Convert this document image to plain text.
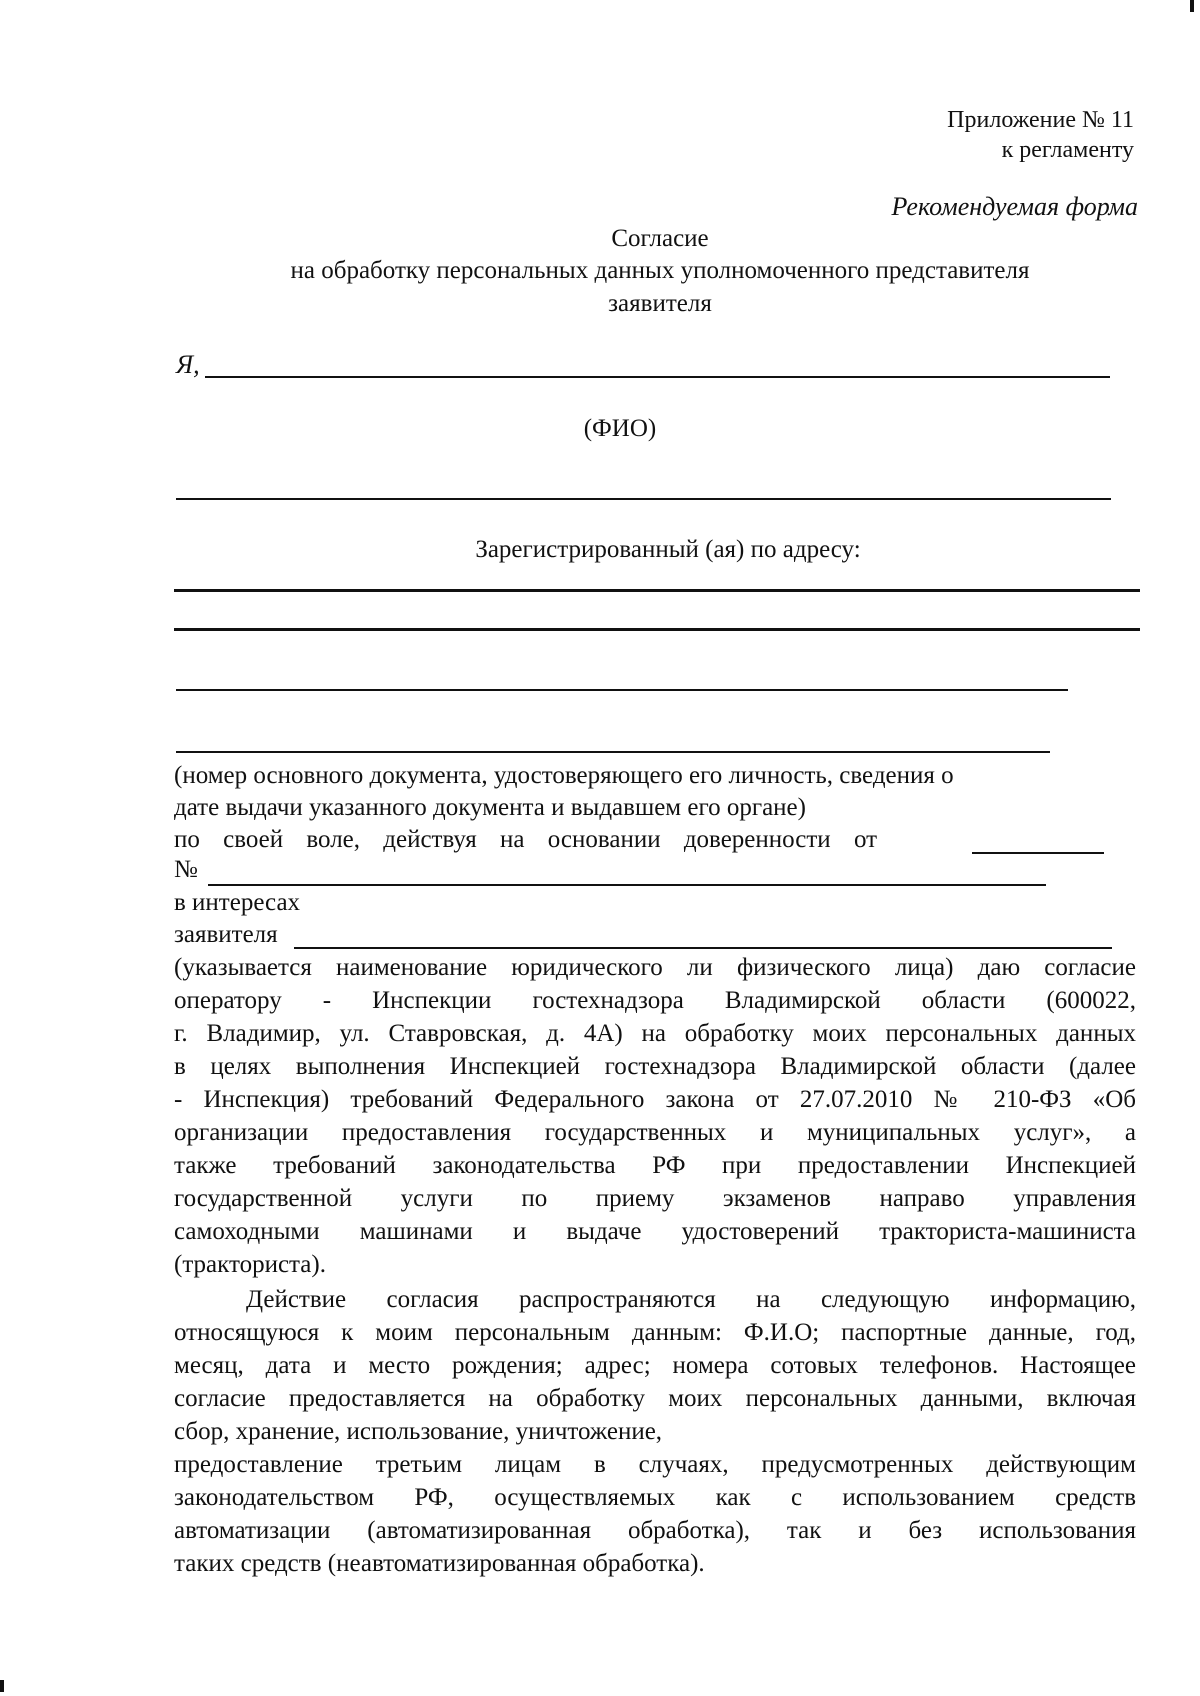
Приложение № 11
к регламенту
Рекомендуемая форма
Согласие
на обработку персональных данных уполномоченного представителя
заявителя
Я,
(ФИО)
Зарегистрированный (ая) по адресу:
(номер основного документа, удостоверяющего его личность, сведения о
дате выдачи указанного документа и выдавшем его органе)
по своей воле, действуя на основании доверенности от
№
в интересах
заявителя
(указывается наименование юридического ли физического лица) даю согласие
оператору - Инспекции гостехнадзора Владимирской области (600022,
г. Владимир, ул. Ставровская, д. 4А) на обработку моих персональных данных
в целях выполнения Инспекцией гостехнадзора Владимирской области (далее
- Инспекция) требований Федерального закона от 27.07.2010 № 210-ФЗ «Об
организации предоставления государственных и муниципальных услуг», а
также требований законодательства РФ при предоставлении Инспекцией
государственной услуги по приему экзаменов направо управления
самоходными машинами и выдаче удостоверений тракториста-машиниста
(тракториста).
Действие согласия распространяются на следующую информацию,
относящуюся к моим персональным данным: Ф.И.О; паспортные данные, год,
месяц, дата и место рождения; адрес; номера сотовых телефонов. Настоящее
согласие предоставляется на обработку моих персональных данными, включая
сбор, хранение, использование, уничтожение,
предоставление третьим лицам в случаях, предусмотренных действующим
законодательством РФ, осуществляемых как с использованием средств
автоматизации (автоматизированная обработка), так и без использования
таких средств (неавтоматизированная обработка).
